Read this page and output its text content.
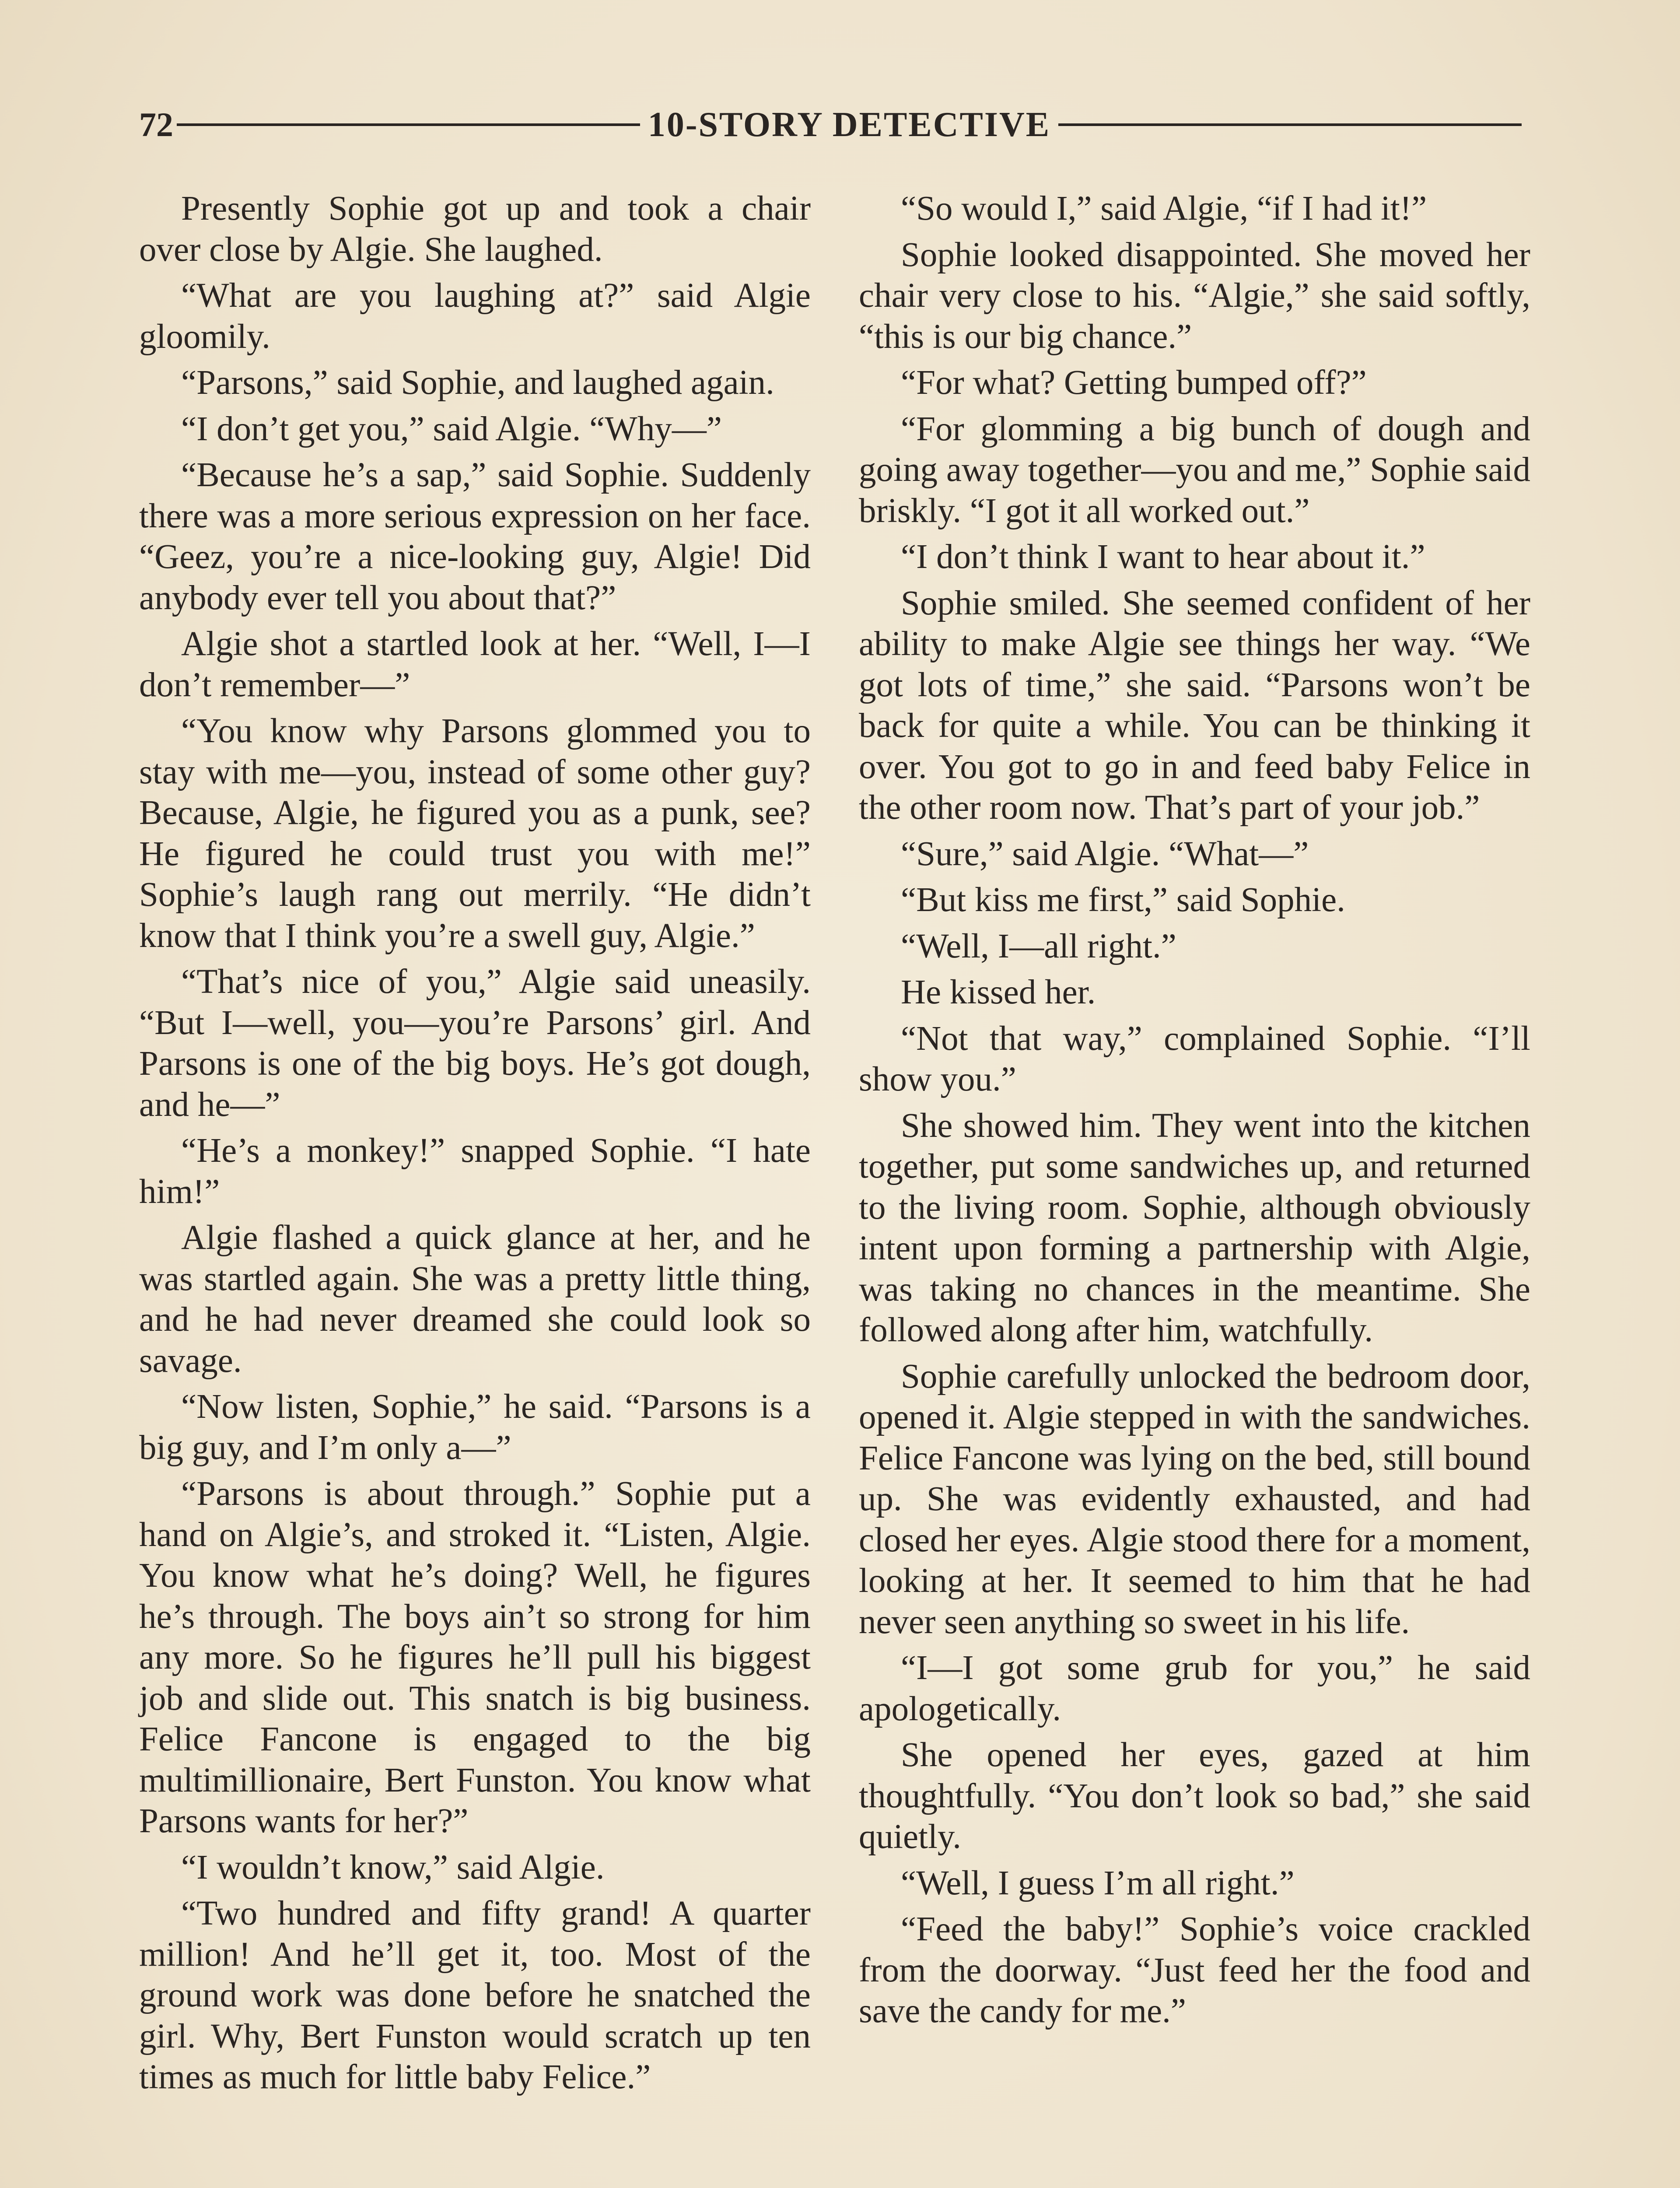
72	10-STORY DETECTIVE

Presently Sophie got up and took a chair over close by Algie. She laughed.

“What are you laughing at?” said Algie gloomily.

“Parsons,” said Sophie, and laughed again.

“I don’t get you,” said Algie. “Why—”

“Because he’s a sap,” said Sophie. Suddenly there was a more serious expression on her face. “Geez, you’re a nice-looking guy, Algie! Did anybody ever tell you about that?”

Algie shot a startled look at her. “Well, I—I don’t remember—”

“You know why Parsons glommed you to stay with me—you, instead of some other guy? Because, Algie, he figured you as a punk, see? He figured he could trust you with me!” Sophie’s laugh rang out merrily. “He didn’t know that I think you’re a swell guy, Algie.”

“That’s nice of you,” Algie said uneasily. “But I—well, you—you’re Parsons’ girl. And Parsons is one of the big boys. He’s got dough, and he—”

“He’s a monkey!” snapped Sophie. “I hate him!”

Algie flashed a quick glance at her, and he was startled again. She was a pretty little thing, and he had never dreamed she could look so savage.

“Now listen, Sophie,” he said. “Parsons is a big guy, and I’m only a—”

“Parsons is about through.” Sophie put a hand on Algie’s, and stroked it. “Listen, Algie. You know what he’s doing? Well, he figures he’s through. The boys ain’t so strong for him any more. So he figures he’ll pull his biggest job and slide out. This snatch is big business. Felice Fancone is engaged to the big multimillionaire, Bert Funston. You know what Parsons wants for her?”

“I wouldn’t know,” said Algie.

“Two hundred and fifty grand! A quarter million! And he’ll get it, too. Most of the ground work was done before he snatched the girl. Why, Bert Funston would scratch up ten times as much for little baby Felice.”

“So would I,” said Algie, “if I had it!”

Sophie looked disappointed. She moved her chair very close to his. “Algie,” she said softly, “this is our big chance.”

“For what? Getting bumped off?”

“For glomming a big bunch of dough and going away together—you and me,” Sophie said briskly. “I got it all worked out.”

“I don’t think I want to hear about it.”

Sophie smiled. She seemed confident of her ability to make Algie see things her way. “We got lots of time,” she said. “Parsons won’t be back for quite a while. You can be thinking it over. You got to go in and feed baby Felice in the other room now. That’s part of your job.”

“Sure,” said Algie. “What—”

“But kiss me first,” said Sophie.

“Well, I—all right.”

He kissed her.

“Not that way,” complained Sophie. “I’ll show you.”

She showed him. They went into the kitchen together, put some sandwiches up, and returned to the living room. Sophie, although obviously intent upon forming a partnership with Algie, was taking no chances in the meantime. She followed along after him, watchfully.

Sophie carefully unlocked the bedroom door, opened it. Algie stepped in with the sandwiches. Felice Fancone was lying on the bed, still bound up. She was evidently exhausted, and had closed her eyes. Algie stood there for a moment, looking at her. It seemed to him that he had never seen anything so sweet in his life.

“I—I got some grub for you,” he said apologetically.

She opened her eyes, gazed at him thoughtfully. “You don’t look so bad,” she said quietly.

“Well, I guess I’m all right.”

“Feed the baby!” Sophie’s voice crackled from the doorway. “Just feed her the food and save the candy for me.”
